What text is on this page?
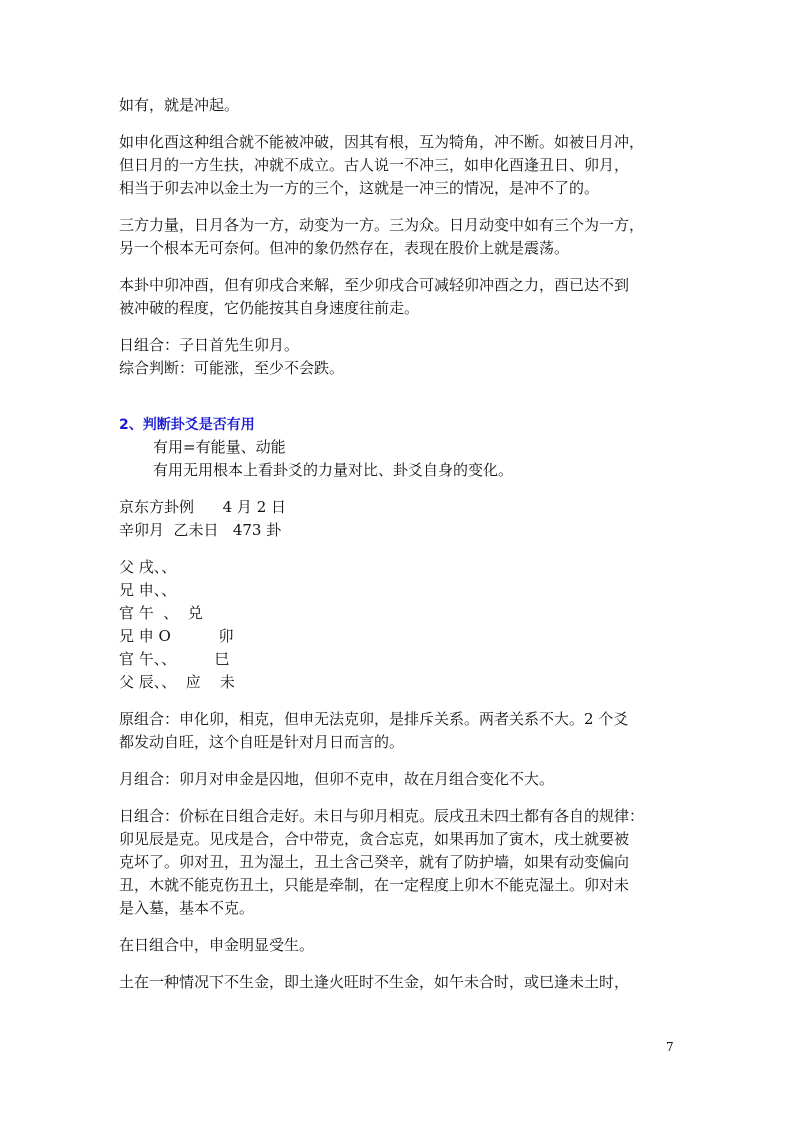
如有，就是冲起。

如申化酉这种组合就不能被冲破，因其有根，互为犄角，冲不断。如被日月冲，

但日月的一方生扶，冲就不成立。古人说一不冲三，如申化酉逢丑日、卯月，

相当于卯去冲以金土为一方的三个，这就是一冲三的情况，是冲不了的。

三方力量，日月各为一方，动变为一方。三为众。日月动变中如有三个为一方，

另一个根本无可奈何。但冲的象仍然存在，表现在股价上就是震荡。

本卦中卯冲酉，但有卯戌合来解，至少卯戌合可减轻卯冲酉之力，酉已达不到

被冲破的程度，它仍能按其自身速度往前走。

日组合：子日首先生卯月。

综合判断：可能涨，至少不会跌。

2、判断卦爻是否有用

有用=有能量、动能

有用无用根本上看卦爻的力量对比、卦爻自身的变化。

京东方卦例      4 月 2 日

辛卯月  乙未日   473 卦

父 戌、、

兄 申、、

官 午  、  兑

兄 申 O          卯

官 午、、        巳

父 辰、、  应    未

原组合：申化卯，相克，但申无法克卯，是排斥关系。两者关系不大。2 个爻

都发动自旺，这个自旺是针对月日而言的。

月组合：卯月对申金是囚地，但卯不克申，故在月组合变化不大。

日组合：价标在日组合走好。未日与卯月相克。辰戌丑未四土都有各自的规律：

卯见辰是克。见戌是合，合中带克，贪合忘克，如果再加了寅木，戌土就要被

克坏了。卯对丑，丑为湿土，丑土含己癸辛，就有了防护墙，如果有动变偏向

丑，木就不能克伤丑土，只能是牵制，在一定程度上卯木不能克湿土。卯对未

是入墓，基本不克。

在日组合中，申金明显受生。

土在一种情况下不生金，即土逢火旺时不生金，如午未合时，或巳逢未土时，

7
